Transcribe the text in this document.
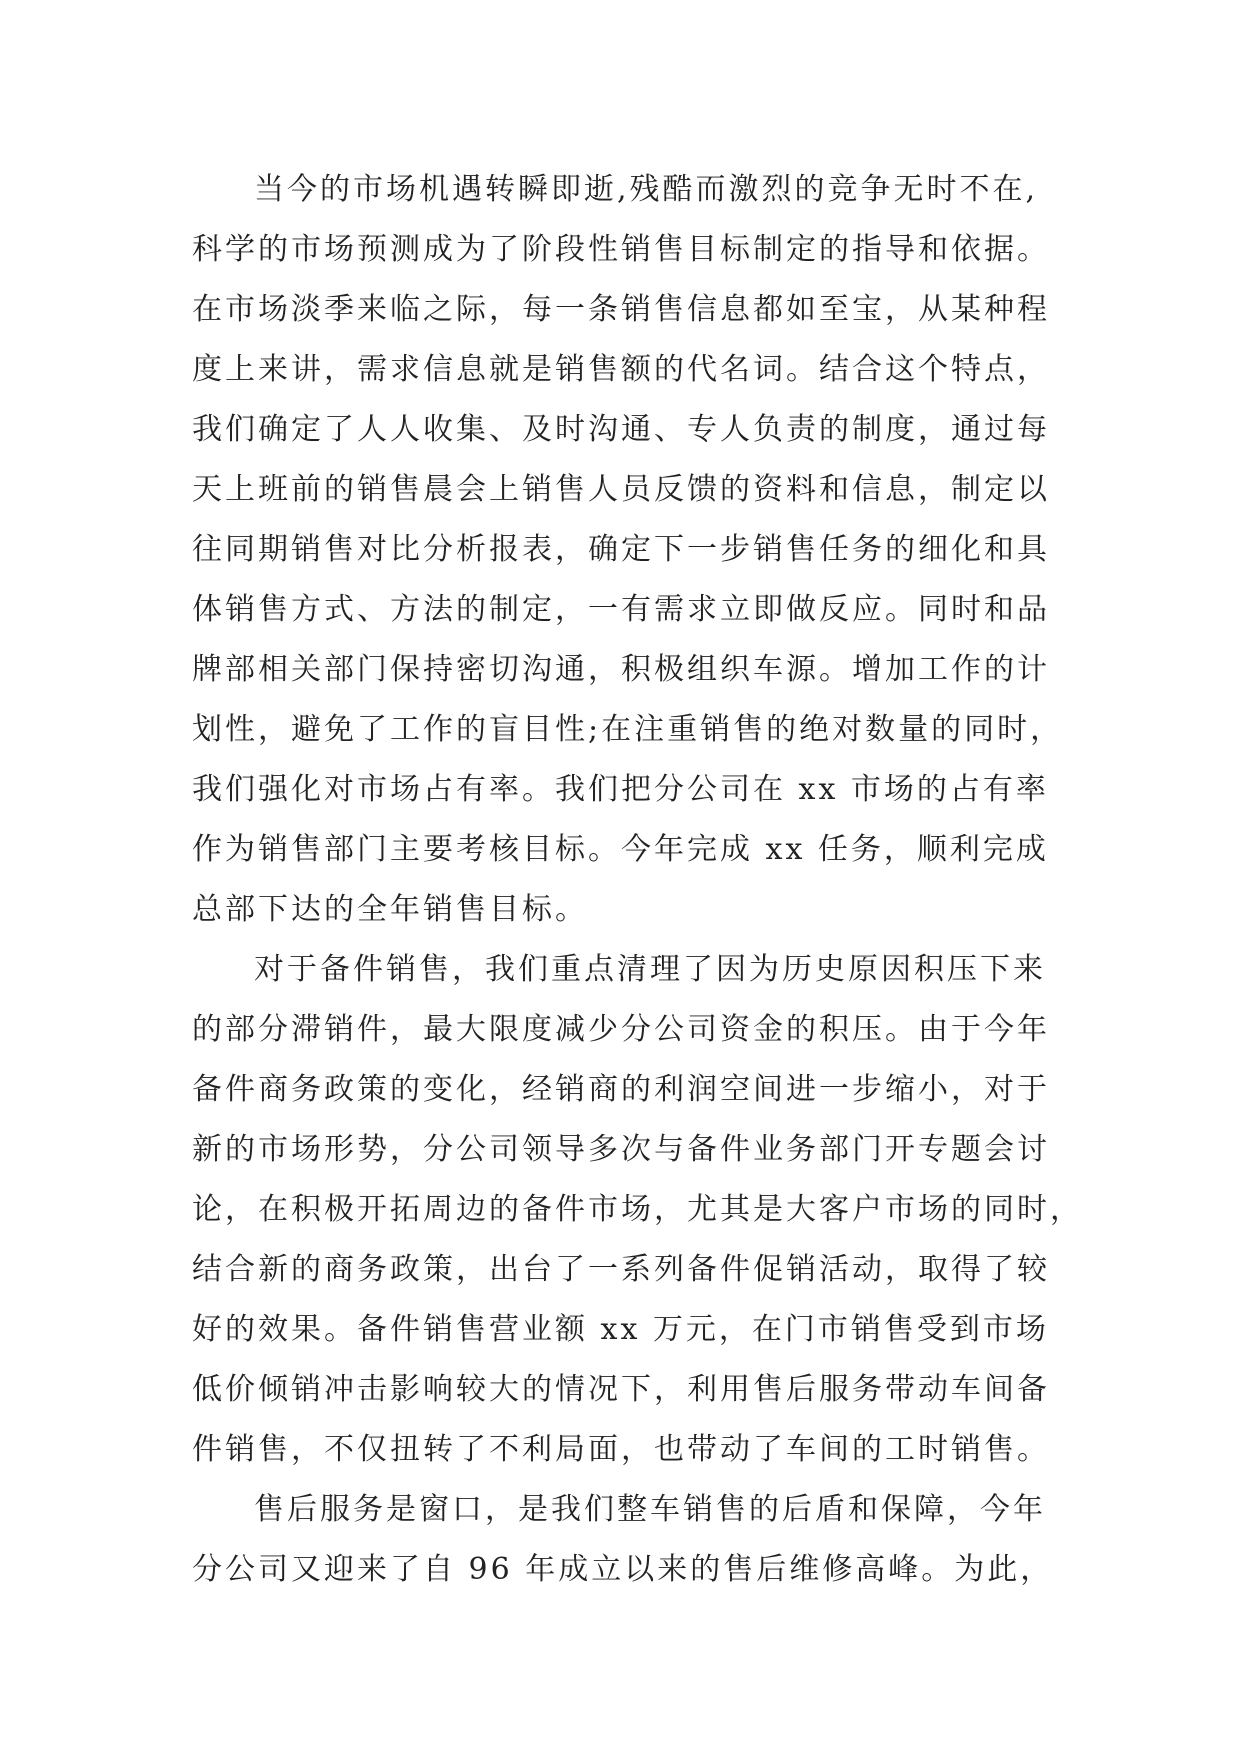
当今的市场机遇转瞬即逝,残酷而激烈的竞争无时不在,
科学的市场预测成为了阶段性销售目标制定的指导和依据。
在市场淡季来临之际，每一条销售信息都如至宝，从某种程
度上来讲，需求信息就是销售额的代名词。结合这个特点，
我们确定了人人收集、及时沟通、专人负责的制度，通过每
天上班前的销售晨会上销售人员反馈的资料和信息，制定以
往同期销售对比分析报表，确定下一步销售任务的细化和具
体销售方式、方法的制定，一有需求立即做反应。同时和品
牌部相关部门保持密切沟通，积极组织车源。增加工作的计
划性，避免了工作的盲目性;在注重销售的绝对数量的同时，
我们强化对市场占有率。我们把分公司在 xx 市场的占有率
作为销售部门主要考核目标。今年完成 xx 任务，顺利完成
总部下达的全年销售目标。
对于备件销售，我们重点清理了因为历史原因积压下来
的部分滞销件，最大限度减少分公司资金的积压。由于今年
备件商务政策的变化，经销商的利润空间进一步缩小，对于
新的市场形势，分公司领导多次与备件业务部门开专题会讨
论，在积极开拓周边的备件市场，尤其是大客户市场的同时，
结合新的商务政策，出台了一系列备件促销活动，取得了较
好的效果。备件销售营业额 xx 万元，在门市销售受到市场
低价倾销冲击影响较大的情况下，利用售后服务带动车间备
件销售，不仅扭转了不利局面，也带动了车间的工时销售。
售后服务是窗口，是我们整车销售的后盾和保障，今年
分公司又迎来了自 96 年成立以来的售后维修高峰。为此，
